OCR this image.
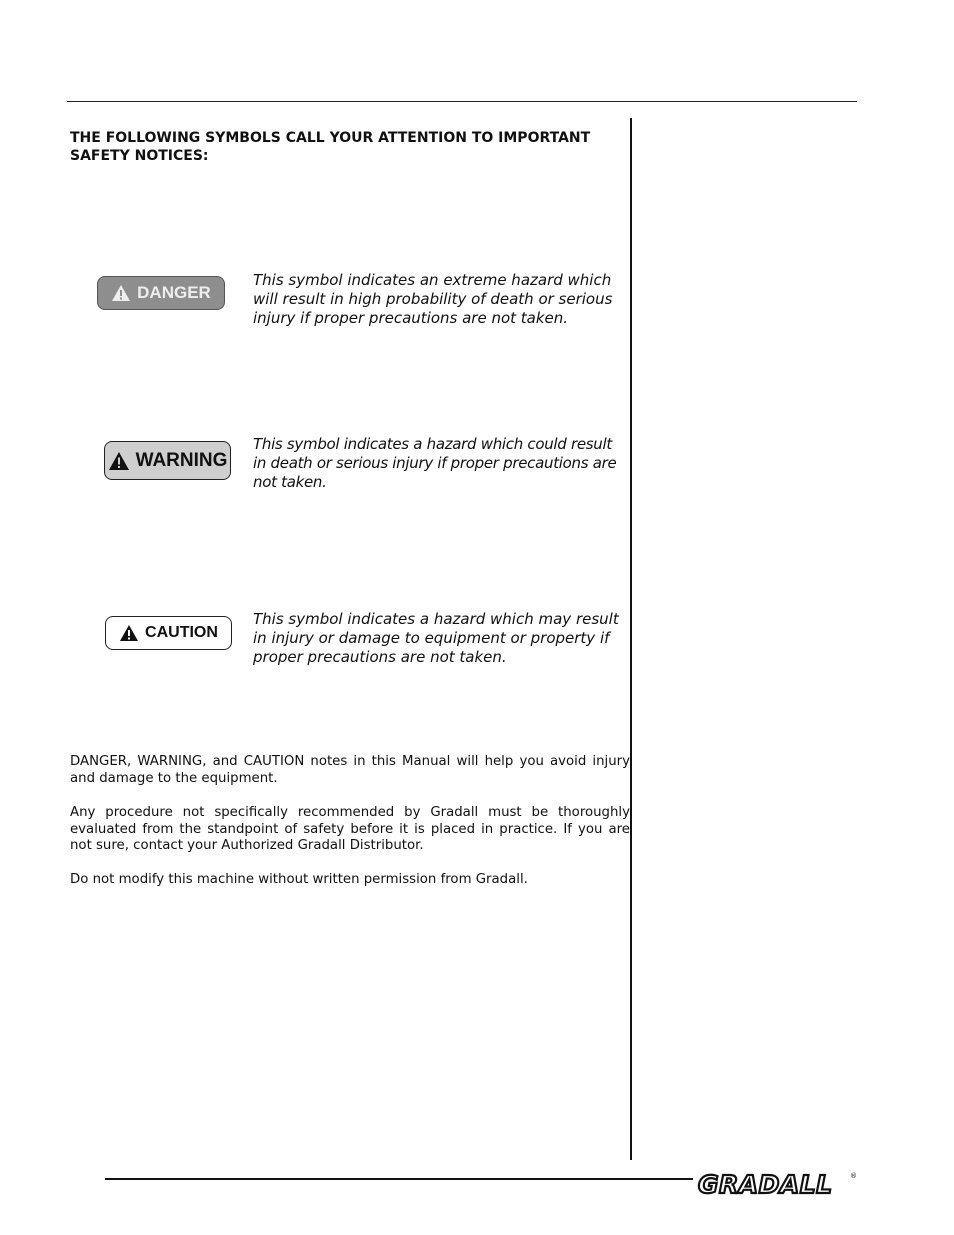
THE FOLLOWING SYMBOLS CALL YOUR ATTENTION TO IMPORTANT SAFETY NOTICES:
DANGER
This symbol indicates an extreme hazard which will result in high probability of death or serious injury if proper precautions are not taken.
WARNING
This symbol indicates a hazard which could result in death or serious injury if proper precautions are not taken.
CAUTION
This symbol indicates a hazard which may result in injury or damage to equipment or property if proper precautions are not taken.
DANGER, WARNING, and CAUTION notes in this Manual will help you avoid injury and damage to the equipment.
Any procedure not specifically recommended by Gradall must be thoroughly evaluated from the standpoint of safety before it is placed in practice. If you are not sure, contact your Authorized Gradall Distributor.
Do not modify this machine without written permission from Gradall.
GRADALL ®
